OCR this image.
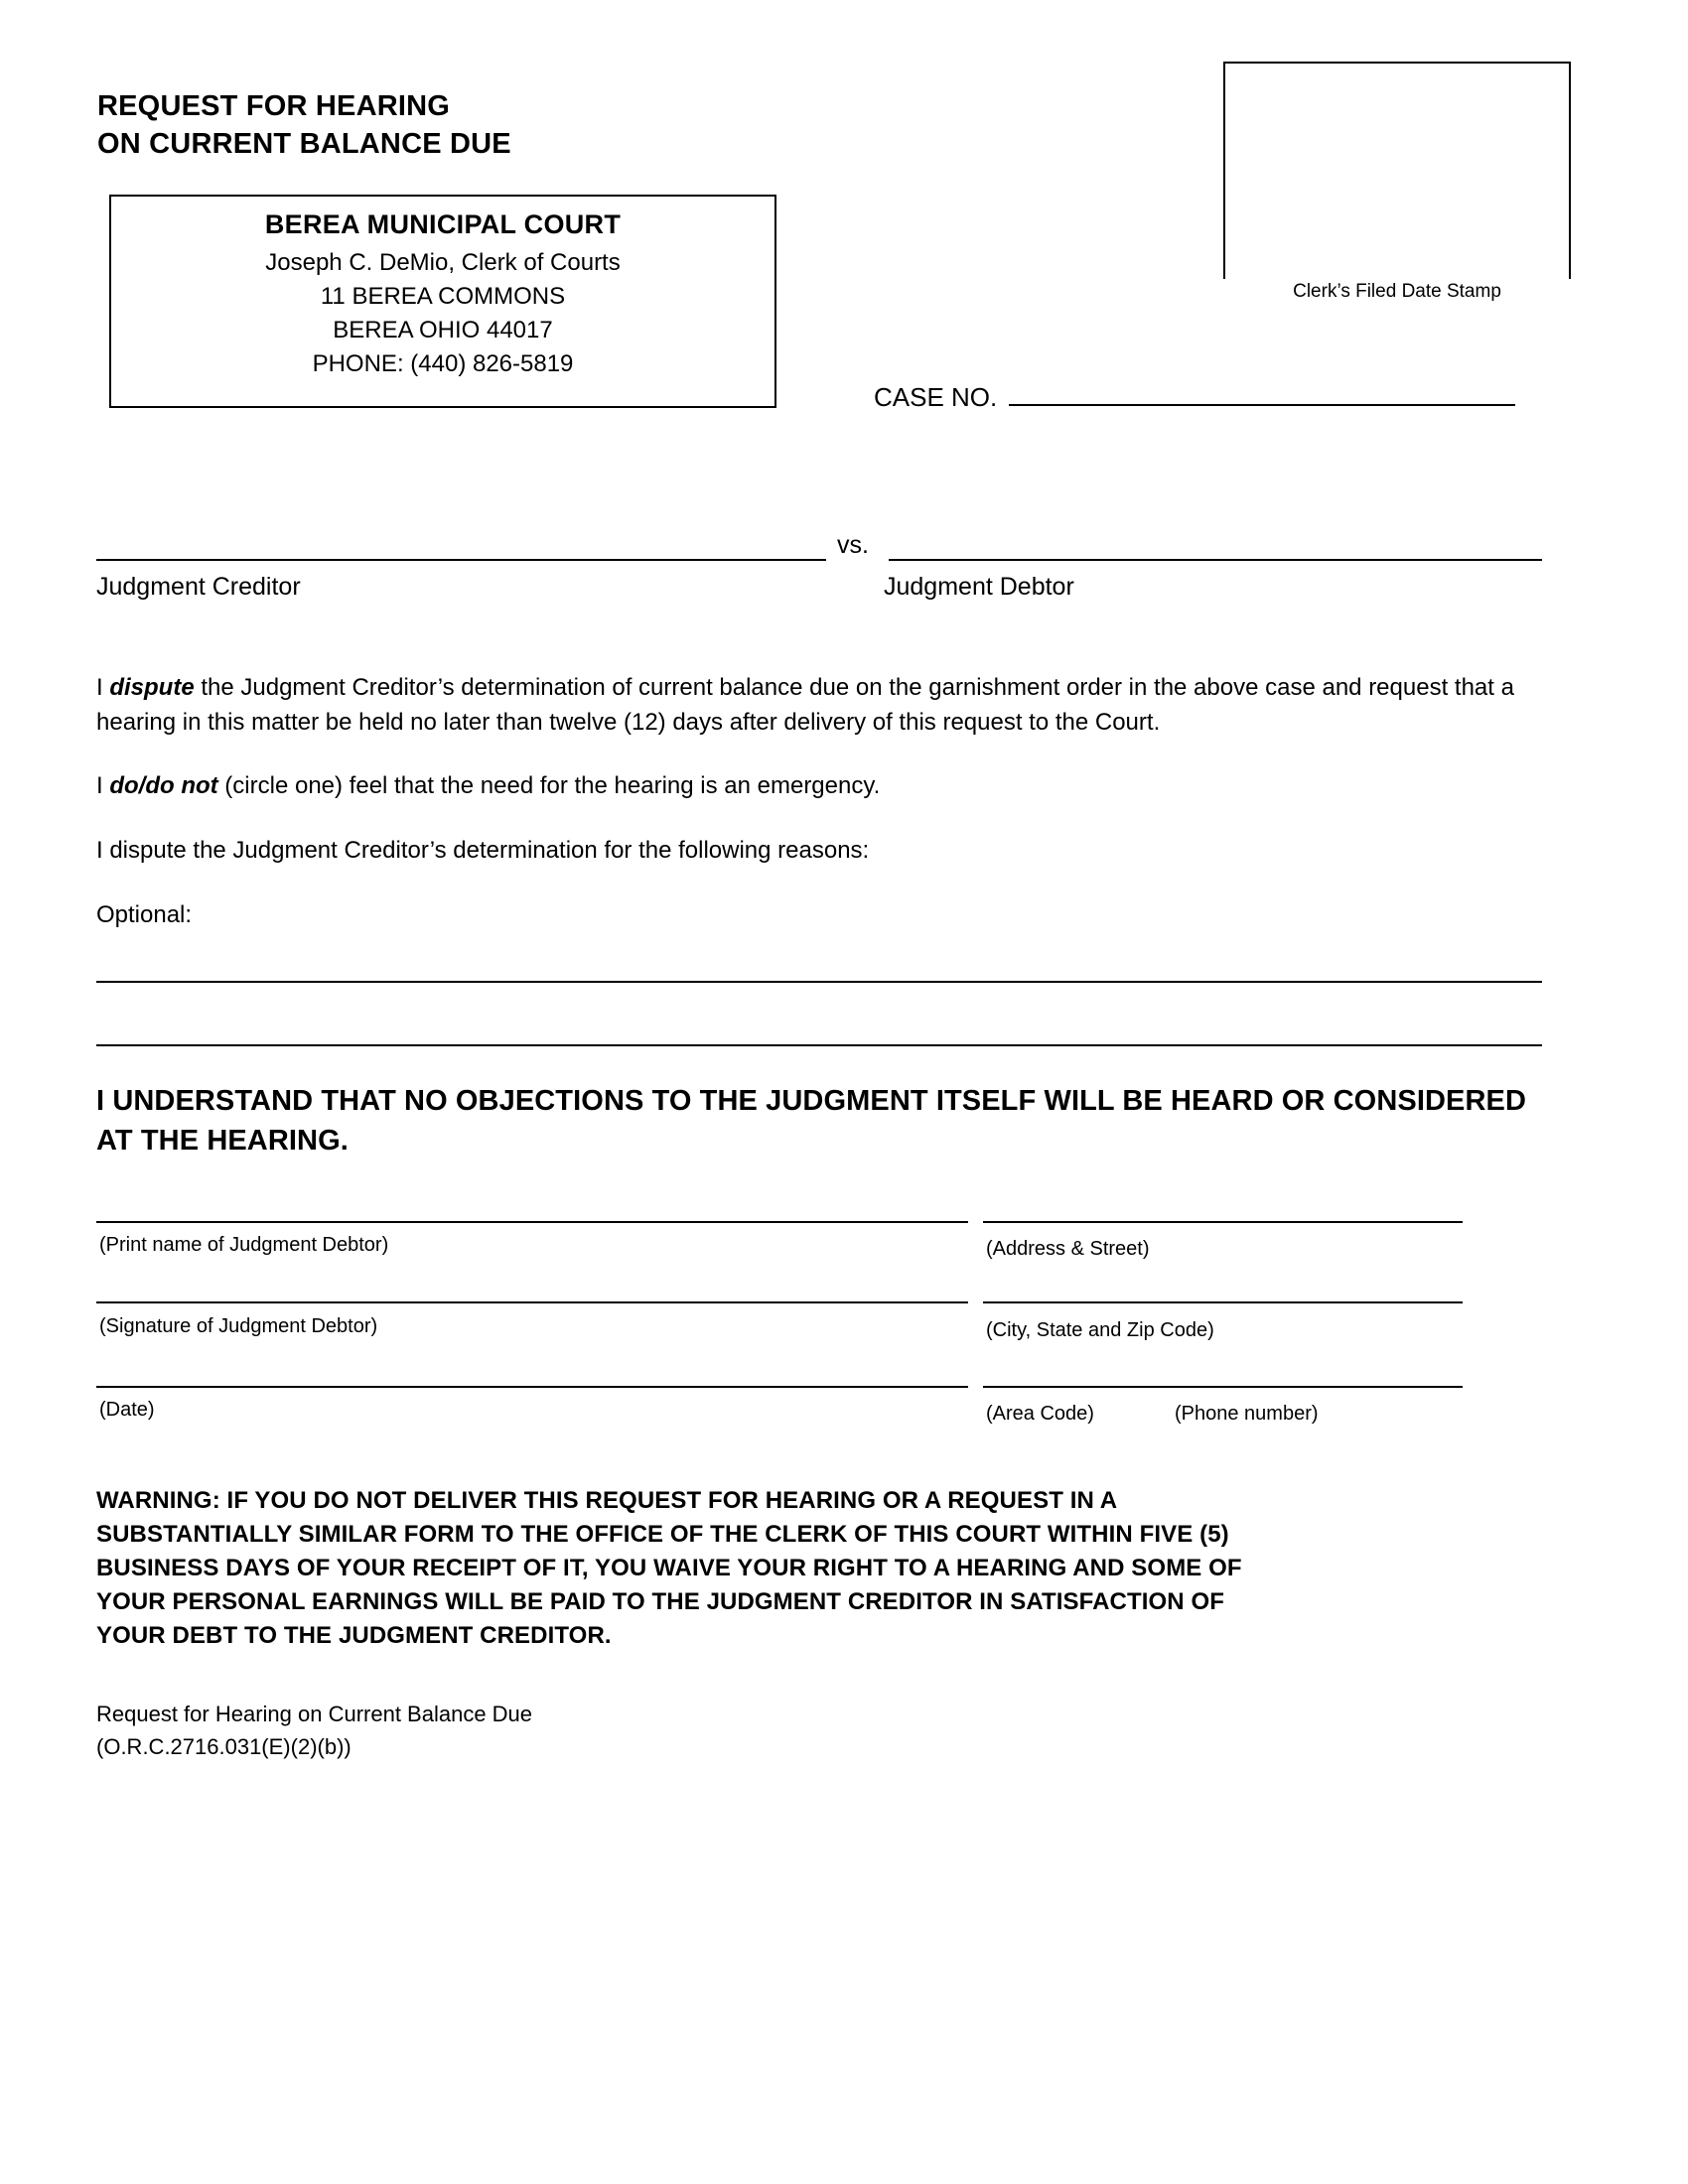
REQUEST FOR HEARING
ON CURRENT BALANCE DUE
BEREA MUNICIPAL COURT
Joseph C. DeMio, Clerk of Courts
11 BEREA COMMONS
BEREA OHIO 44017
PHONE: (440) 826-5819
Clerk’s Filed Date Stamp
CASE NO.
vs.
Judgment Creditor	Judgment Debtor
I dispute the Judgment Creditor’s determination of current balance due on the garnishment order in the above case and request that a hearing in this matter be held no later than twelve (12) days after delivery of this request to the Court.
I do/do not (circle one) feel that the need for the hearing is an emergency.
I dispute the Judgment Creditor’s determination for the following reasons:
Optional:
I UNDERSTAND THAT NO OBJECTIONS TO THE JUDGMENT ITSELF WILL BE HEARD OR CONSIDERED AT THE HEARING.
(Print name of Judgment Debtor)
(Signature of Judgment Debtor)
(Date)
(Address & Street)
(City, State and Zip Code)
(Area Code)	(Phone number)
WARNING: IF YOU DO NOT DELIVER THIS REQUEST FOR HEARING OR A REQUEST IN A
SUBSTANTIALLY SIMILAR FORM TO THE OFFICE OF THE CLERK OF THIS COURT WITHIN FIVE (5)
BUSINESS DAYS OF YOUR RECEIPT OF IT, YOU WAIVE YOUR RIGHT TO A HEARING AND SOME OF
YOUR PERSONAL EARNINGS WILL BE PAID TO THE JUDGMENT CREDITOR IN SATISFACTION OF
YOUR DEBT TO THE JUDGMENT CREDITOR.
Request for Hearing on Current Balance Due
(O.R.C.2716.031(E)(2)(b))
